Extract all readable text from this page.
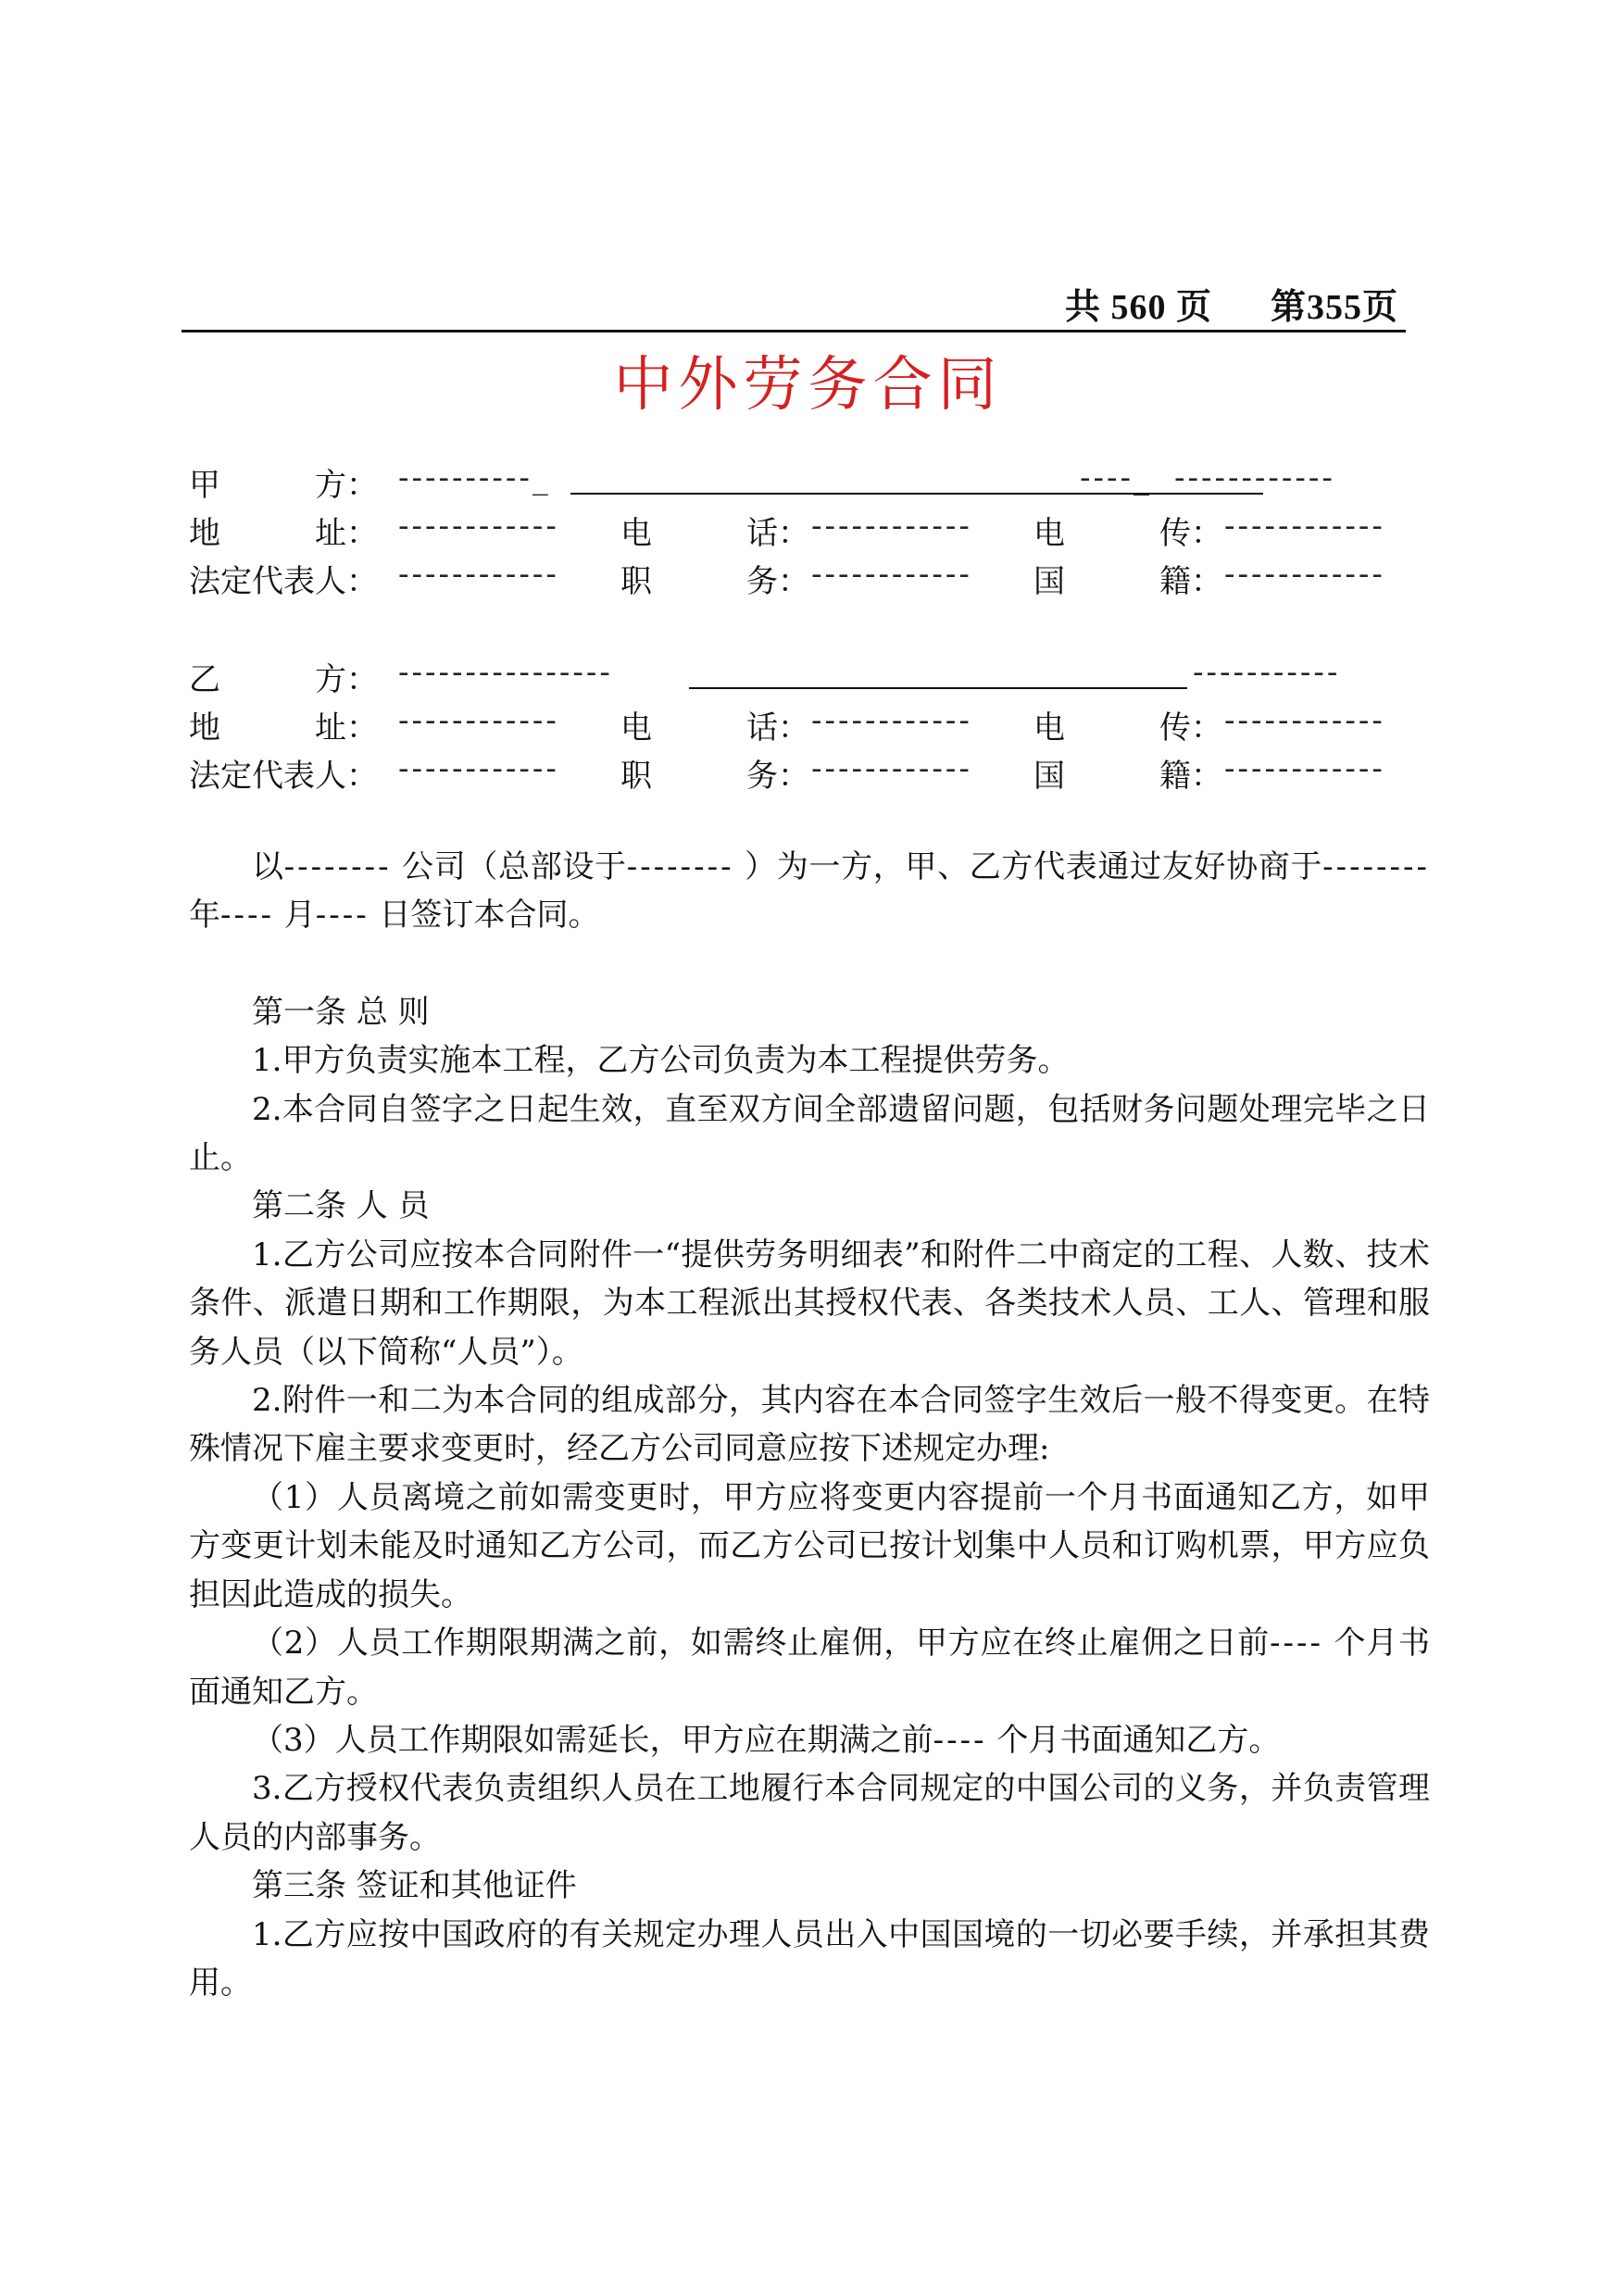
共 560 页 第355页
中外劳务合同
甲　　　方： ----------_	----_ ------------
地　　　址： ------------ 电　　　话： ------------ 电　　　传： ------------
法定代表人： ------------ 职　　　务： ------------ 国　　　籍： ------------
乙　　　方： ----------------	-----------
地　　　址： ------------ 电　　　话： ------------ 电　　　传： ------------
法定代表人： ------------ 职　　　务： ------------ 国　　　籍： ------------

以-------- 公司（总部设于-------- ）为一方，甲、乙方代表通过友好协商于-------- 年---- 月---- 日签订本合同。

第一条 总 则

1.甲方负责实施本工程，乙方公司负责为本工程提供劳务。

2.本合同自签字之日起生效，直至双方间全部遗留问题，包括财务问题处理完毕之日止。

第二条 人 员

1.乙方公司应按本合同附件一“提供劳务明细表”和附件二中商定的工程、人数、技术条件、派遣日期和工作期限，为本工程派出其授权代表、各类技术人员、工人、管理和服务人员（以下简称“人员”）。

2.附件一和二为本合同的组成部分，其内容在本合同签字生效后一般不得变更。在特殊情况下雇主要求变更时，经乙方公司同意应按下述规定办理:

（1）人员离境之前如需变更时，甲方应将变更内容提前一个月书面通知乙方，如甲方变更计划未能及时通知乙方公司，而乙方公司已按计划集中人员和订购机票，甲方应负担因此造成的损失。

（2）人员工作期限期满之前，如需终止雇佣，甲方应在终止雇佣之日前---- 个月书面通知乙方。

（3）人员工作期限如需延长，甲方应在期满之前---- 个月书面通知乙方。

3.乙方授权代表负责组织人员在工地履行本合同规定的中国公司的义务，并负责管理人员的内部事务。

第三条 签证和其他证件

1.乙方应按中国政府的有关规定办理人员出入中国国境的一切必要手续，并承担其费用。
